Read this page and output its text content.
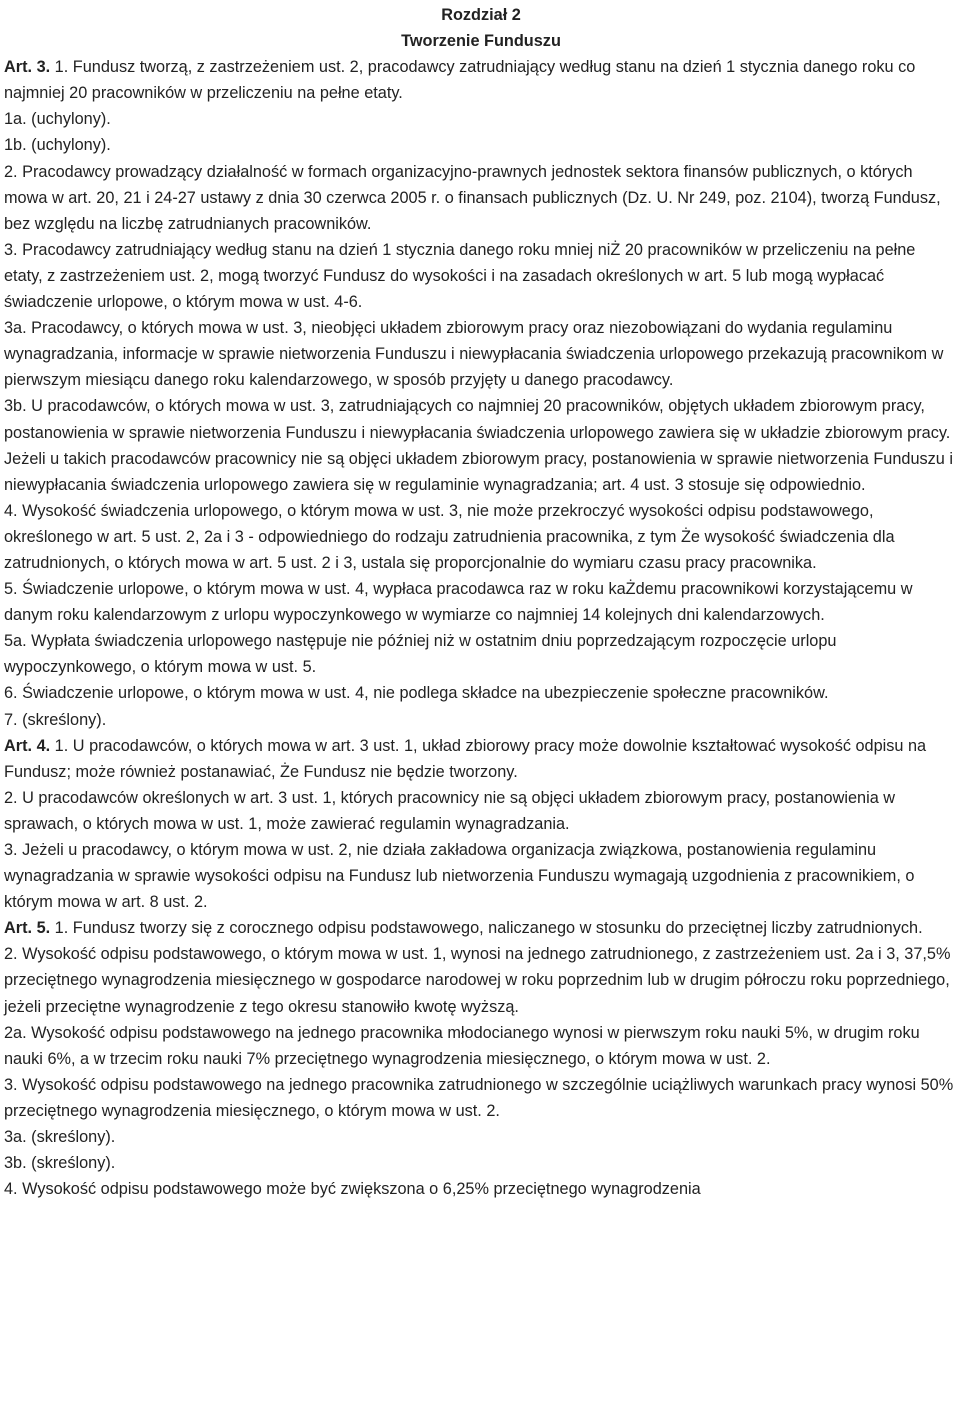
Rozdział 2

Tworzenie Funduszu

Art. 3. 1. Fundusz tworzą, z zastrzeżeniem ust. 2, pracodawcy zatrudniający według stanu na dzień 1 stycznia danego roku co najmniej 20 pracowników w przeliczeniu na pełne etaty.

1a. (uchylony).

1b. (uchylony).

2. Pracodawcy prowadzący działalność w formach organizacyjno-prawnych jednostek sektora finansów publicznych, o których mowa w art. 20, 21 i 24-27 ustawy z dnia 30 czerwca 2005 r. o finansach publicznych (Dz. U. Nr 249, poz. 2104), tworzą Fundusz, bez względu na liczbę zatrudnianych pracowników.

3. Pracodawcy zatrudniający według stanu na dzień 1 stycznia danego roku mniej niŻ 20 pracowników w przeliczeniu na pełne etaty, z zastrzeżeniem ust. 2, mogą tworzyć Fundusz do wysokości i na zasadach określonych w art. 5 lub mogą wypłacać świadczenie urlopowe, o którym mowa w ust. 4-6.

3a. Pracodawcy, o których mowa w ust. 3, nieobjęci układem zbiorowym pracy oraz niezobowiązani do wydania regulaminu wynagradzania, informacje w sprawie nietworzenia Funduszu i niewypłacania świadczenia urlopowego przekazują pracownikom w pierwszym miesiącu danego roku kalendarzowego, w sposób przyjęty u danego pracodawcy.

3b. U pracodawców, o których mowa w ust. 3, zatrudniających co najmniej 20 pracowników, objętych układem zbiorowym pracy, postanowienia w sprawie nietworzenia Funduszu i niewypłacania świadczenia urlopowego zawiera się w układzie zbiorowym pracy. Jeżeli u takich pracodawców pracownicy nie są objęci układem zbiorowym pracy, postanowienia w sprawie nietworzenia Funduszu i niewypłacania świadczenia urlopowego zawiera się w regulaminie wynagradzania; art. 4 ust. 3 stosuje się odpowiednio.

4. Wysokość świadczenia urlopowego, o którym mowa w ust. 3, nie może przekroczyć wysokości odpisu podstawowego, określonego w art. 5 ust. 2, 2a i 3 - odpowiedniego do rodzaju zatrudnienia pracownika, z tym Że wysokość świadczenia dla zatrudnionych, o których mowa w art. 5 ust. 2 i 3, ustala się proporcjonalnie do wymiaru czasu pracy pracownika.

5. Świadczenie urlopowe, o którym mowa w ust. 4, wypłaca pracodawca raz w roku kaŻdemu pracownikowi korzystającemu w danym roku kalendarzowym z urlopu wypoczynkowego w wymiarze co najmniej 14 kolejnych dni kalendarzowych.

5a. Wypłata świadczenia urlopowego następuje nie później niż w ostatnim dniu poprzedzającym rozpoczęcie urlopu wypoczynkowego, o którym mowa w ust. 5.

6. Świadczenie urlopowe, o którym mowa w ust. 4, nie podlega składce na ubezpieczenie społeczne pracowników.

7. (skreślony).

Art. 4. 1. U pracodawców, o których mowa w art. 3 ust. 1, układ zbiorowy pracy może dowolnie kształtować wysokość odpisu na Fundusz; może również postanawiać, Że Fundusz nie będzie tworzony.

2. U pracodawców określonych w art. 3 ust. 1, których pracownicy nie są objęci układem zbiorowym pracy, postanowienia w sprawach, o których mowa w ust. 1, może zawierać regulamin wynagradzania.

3. Jeżeli u pracodawcy, o którym mowa w ust. 2, nie działa zakładowa organizacja związkowa, postanowienia regulaminu wynagradzania w sprawie wysokości odpisu na Fundusz lub nietworzenia Funduszu wymagają uzgodnienia z pracownikiem, o którym mowa w art. 8 ust. 2.

Art. 5. 1. Fundusz tworzy się z corocznego odpisu podstawowego, naliczanego w stosunku do przeciętnej liczby zatrudnionych.

2. Wysokość odpisu podstawowego, o którym mowa w ust. 1, wynosi na jednego zatrudnionego, z zastrzeżeniem ust. 2a i 3, 37,5% przeciętnego wynagrodzenia miesięcznego w gospodarce narodowej w roku poprzednim lub w drugim półroczu roku poprzedniego, jeżeli przeciętne wynagrodzenie z tego okresu stanowiło kwotę wyższą.

2a. Wysokość odpisu podstawowego na jednego pracownika młodocianego wynosi w pierwszym roku nauki 5%, w drugim roku nauki 6%, a w trzecim roku nauki 7% przeciętnego wynagrodzenia miesięcznego, o którym mowa w ust. 2.

3. Wysokość odpisu podstawowego na jednego pracownika zatrudnionego w szczególnie uciążliwych warunkach pracy wynosi 50% przeciętnego wynagrodzenia miesięcznego, o którym mowa w ust. 2.

3a. (skreślony).

3b. (skreślony).

4. Wysokość odpisu podstawowego może być zwiększona o 6,25% przeciętnego wynagrodzenia
